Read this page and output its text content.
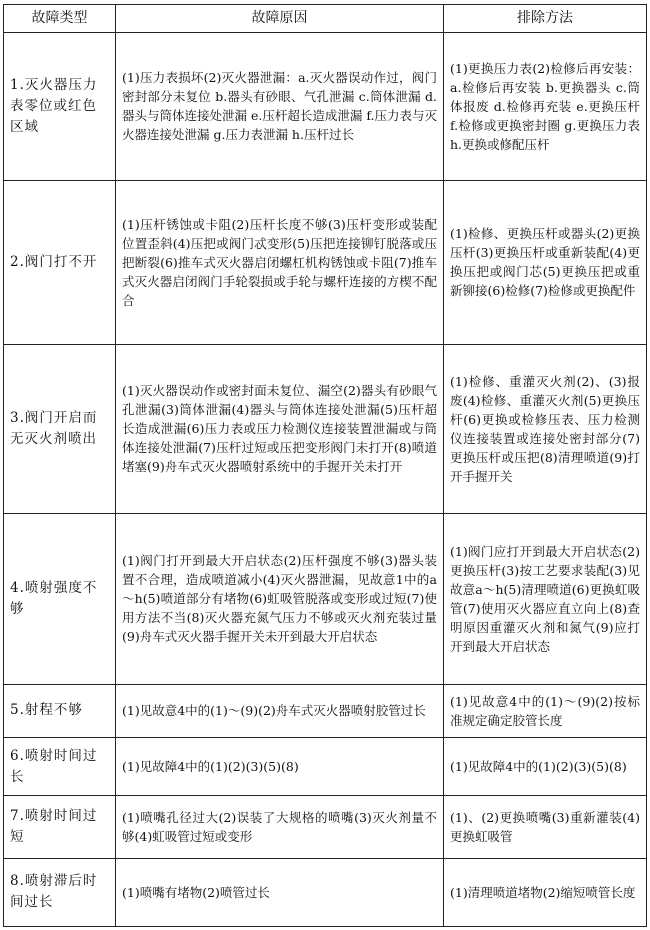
故障类型	故障原因	排除方法
1.灭火器压力表零位或红色区域	(1)压力表损坏(2)灭火器泄漏：a.灭火器误动作过，阀门密封部分未复位 b.器头有砂眼、气孔泄漏 c.筒体泄漏 d.器头与筒体连接处泄漏 e.压杆超长造成泄漏 f.压力表与灭火器连接处泄漏 g.压力表泄漏 h.压杆过长	(1)更换压力表(2)检修后再安装：a.检修后再安装 b.更换器头 c.筒体报废 d.检修再充装 e.更换压杆 f.检修或更换密封圈 g.更换压力表 h.更换或修配压杆
2.阀门打不开	(1)压杆锈蚀或卡阻(2)压杆长度不够(3)压杆变形或装配位置歪斜(4)压把或阀门忒变形(5)压把连接铆钉脱落或压把断裂(6)推车式灭火器启闭螺杠机构锈蚀或卡阻(7)推车式灭火器启闭阀门手轮裂损或手轮与螺杆连接的方楔不配合	(1)检修、更换压杆或器头(2)更换压杆(3)更换压杆或重新装配(4)更换压把或阀门芯(5)更换压把或重新铆接(6)检修(7)检修或更换配件
3.阀门开启而无灭火剂喷出	(1)灭火器误动作或密封面未复位、漏空(2)器头有砂眼气孔泄漏(3)筒体泄漏(4)器头与筒体连接处泄漏(5)压杆超长造成泄漏(6)压力表或压力检测仪连接装置泄漏或与筒体连接处泄漏(7)压杆过短或压把变形阀门未打开(8)喷道堵塞(9)舟车式灭火器喷射系统中的手握开关未打开	(1)检修、重灌灭火剂(2)、(3)报废(4)检修、重灌灭火剂(5)更换压杆(6)更换或检修压表、压力检测仪连接装置或连接处密封部分(7)更换压杆或压把(8)清理喷道(9)打开手握开关
4.喷射强度不够	(1)阀门打开到最大开启状态(2)压杆强度不够(3)器头装置不合理，造成喷道减小(4)灭火器泄漏，见故意1中的a～h(5)喷道部分有堵物(6)虹吸管脱落或变形或过短(7)使用方法不当(8)灭火器充氮气压力不够或灭火剂充装过量(9)舟车式灭火器手握开关未开到最大开启状态	(1)阀门应打开到最大开启状态(2)更换压杆(3)按工艺要求装配(3)见故意a～h(5)清理喷道(6)更换虹吸管(7)使用灭火器应直立向上(8)查明原因重灌灭火剂和氮气(9)应打开到最大开启状态
5.射程不够	(1)见故意4中的(1)～(9)(2)舟车式灭火器喷射胶管过长	(1)见故意4中的(1)～(9)(2)按标准规定确定胶管长度
6.喷射时间过长	(1)见故障4中的(1)(2)(3)(5)(8)	(1)见故障4中的(1)(2)(3)(5)(8)
7.喷射时间过短	(1)喷嘴孔径过大(2)误装了大规格的喷嘴(3)灭火剂量不够(4)虹吸管过短或变形	(1)、(2)更换喷嘴(3)重新灌装(4)更换虹吸管
8.喷射滞后时间过长	(1)喷嘴有堵物(2)喷管过长	(1)清理喷道堵物(2)缩短喷管长度
